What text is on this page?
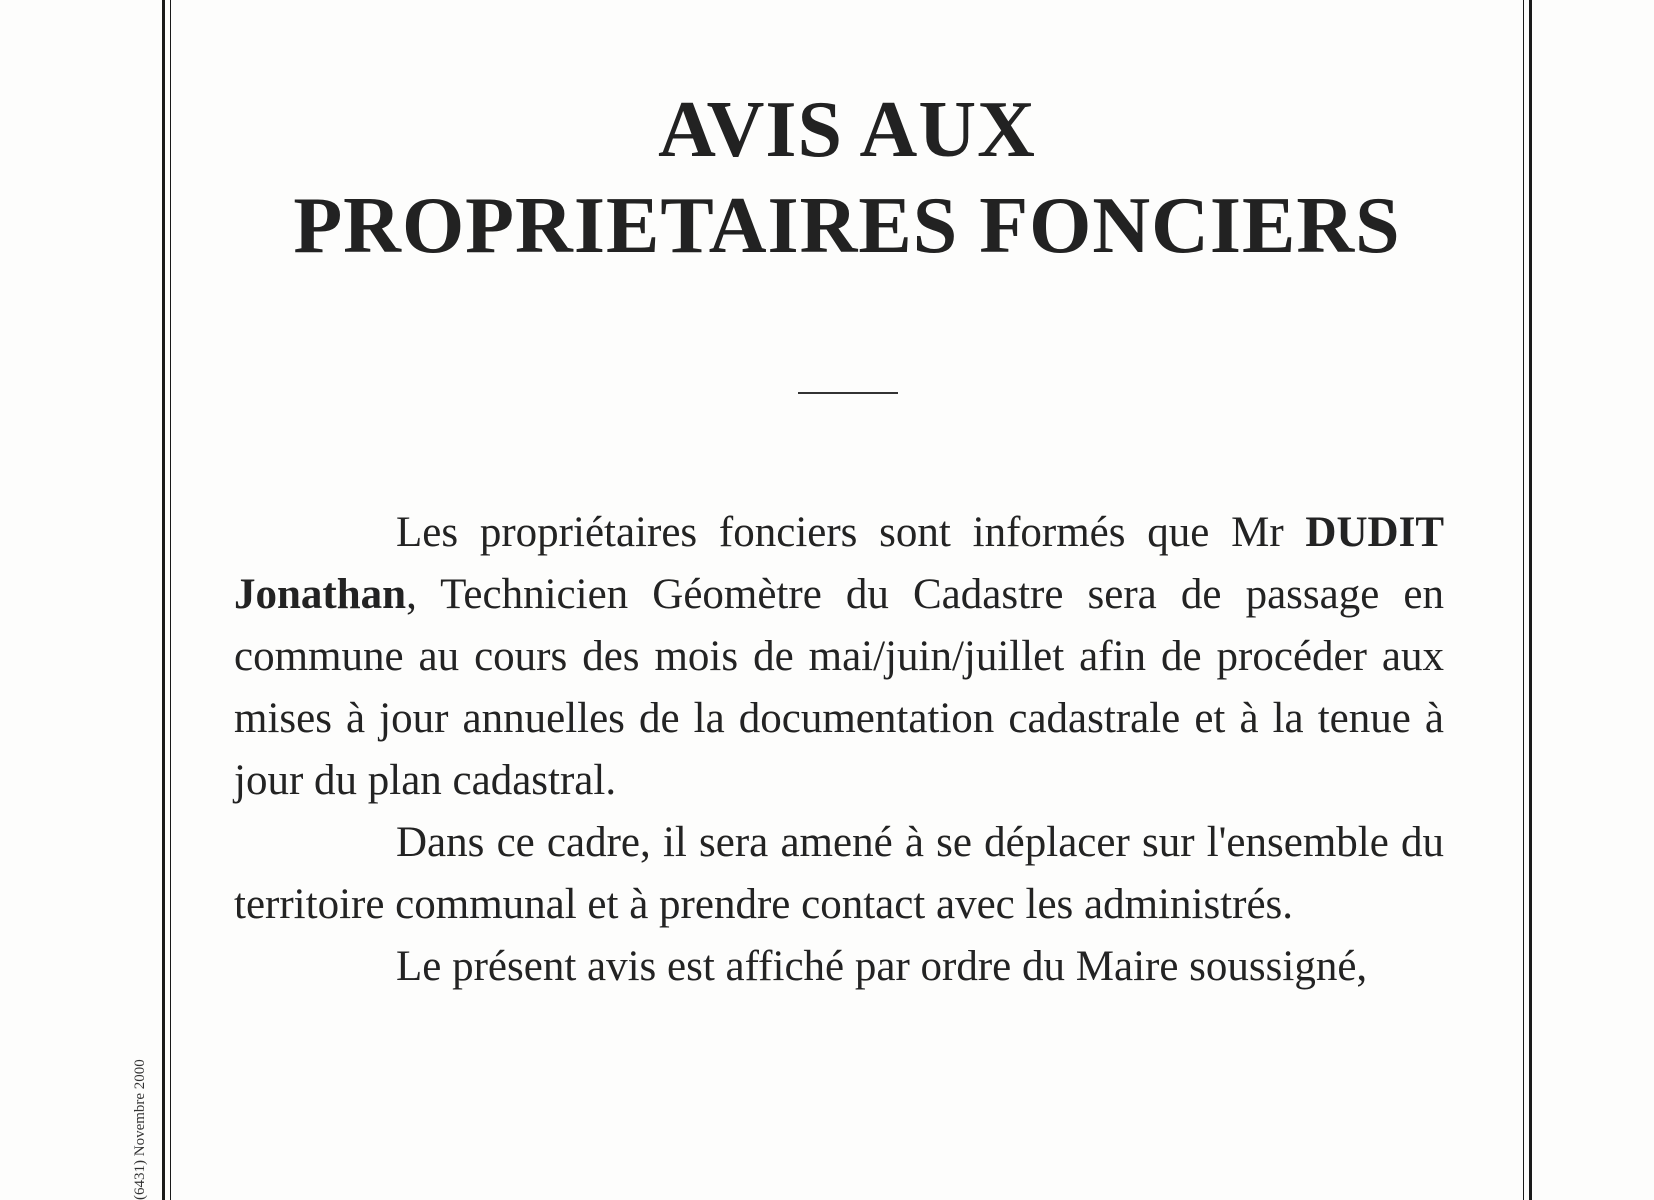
AVIS AUX
PROPRIETAIRES FONCIERS

Les propriétaires fonciers sont informés que Mr DUDIT Jonathan, Technicien Géomètre du Cadastre sera de passage en commune au cours des mois de mai/juin/juillet afin de procéder aux mises à jour annuelles de la documentation cadastrale et à la tenue à jour du plan cadastral.

Dans ce cadre, il sera amené à se déplacer sur l'ensemble du territoire communal et à prendre contact avec les administrés.

Le présent avis est affiché par ordre du Maire soussigné,

(6431) Novembre 2000
